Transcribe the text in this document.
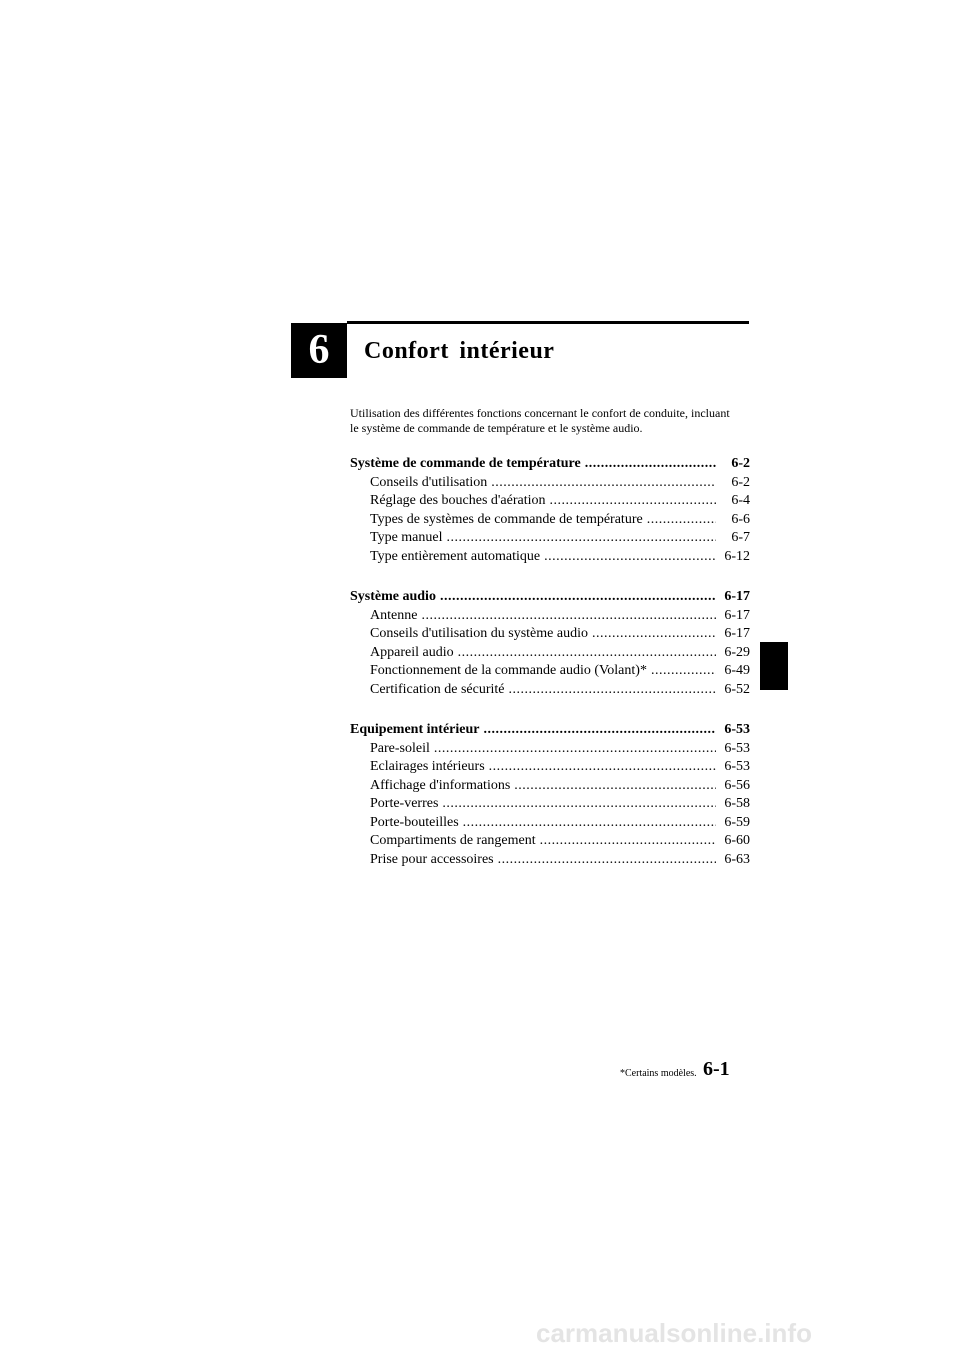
6	Confort intérieur

Utilisation des différentes fonctions concernant le confort de conduite, incluant

le système de commande de température et le système audio.

Système de commande de température .....	6-2
Conseils d'utilisation .....	6-2
Réglage des bouches d'aération .....	6-4
Types de systèmes de commande de température .....	6-6
Type manuel .....	6-7
Type entièrement automatique .....	6-12
Système audio .....	6-17
Antenne .....	6-17
Conseils d'utilisation du système audio .....	6-17
Appareil audio .....	6-29
Fonctionnement de la commande audio (Volant)* .....	6-49
Certification de sécurité .....	6-52
Equipement intérieur .....	6-53
Pare-soleil .....	6-53
Eclairages intérieurs .....	6-53
Affichage d'informations .....	6-56
Porte-verres .....	6-58
Porte-bouteilles .....	6-59
Compartiments de rangement .....	6-60
Prise pour accessoires .....	6-63
*Certains modèles. 6-1
carmanualsonline.info
